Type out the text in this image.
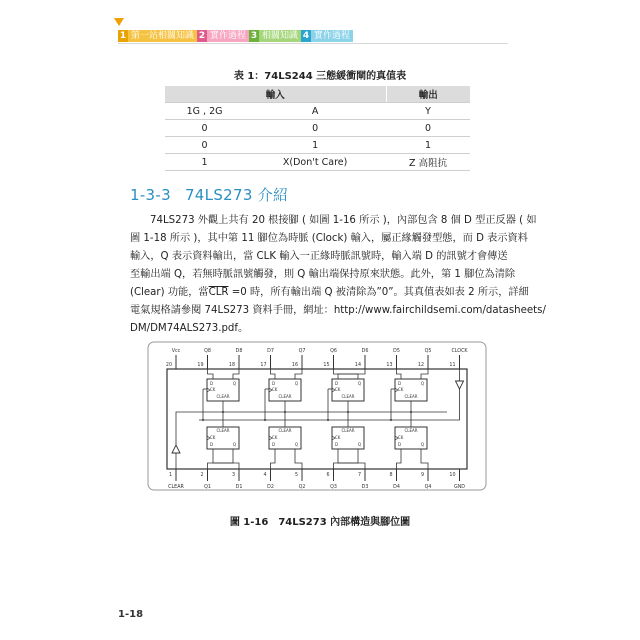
1 第一站相關知識 2 實作過程 3 相關知識 4 實作過程
表 1：74LS244 三態緩衝閘的真值表
輸入		輸出
1G , 2G	A	Y
0	0	0
0	1	1
1	X(Don't Care)	Z 高阻抗
1-3-3 74LS273 介紹
74LS273 外觀上共有 20 根接腳 ( 如圖 1-16 所示 )，內部包含 8 個 D 型正反器 ( 如
圖 1-18 所示 )，其中第 11 腳位為時脈 (Clock) 輸入，屬正緣觸發型態，而 D 表示資料
輸入，Q 表示資料輸出，當 CLK 輸入一正緣時脈訊號時，輸入端 D 的訊號才會傳送
至輸出端 Q，若無時脈訊號觸發，則 Q 輸出端保持原來狀態。此外，第 1 腳位為清除
(Clear) 功能，當$\overline{CLR} =0$ 時，所有輸出端 Q 被清除為”0”。其真值表如表 2 所示，詳細
電氣規格請參閱 74LS273 資料手冊，網址：http://www.fairchildsemi.com/datasheets/
DM/DM74ALS273.pdf。
Vcc
20
Q8
19
D8
18
D7
17
Q7
16
Q6
15
D6
14
D5
13
Q5
12
CLOCK
11
1
CLEAR
2
Q1
3
D1
4
D2
5
Q2
6
Q3
7
D3
8
D4
9
Q4
10
GND
D	Q
CK
CLEAR
CLEAR
CK
D	Q
D	Q
CK
CLEAR
CLEAR
CK
D	Q
D	Q
CK
CLEAR
CLEAR
CK
D	Q
D	Q
CK
CLEAR
CLEAR
CK
D	Q
圖 1-16　74LS273 內部構造與腳位圖
1-18
